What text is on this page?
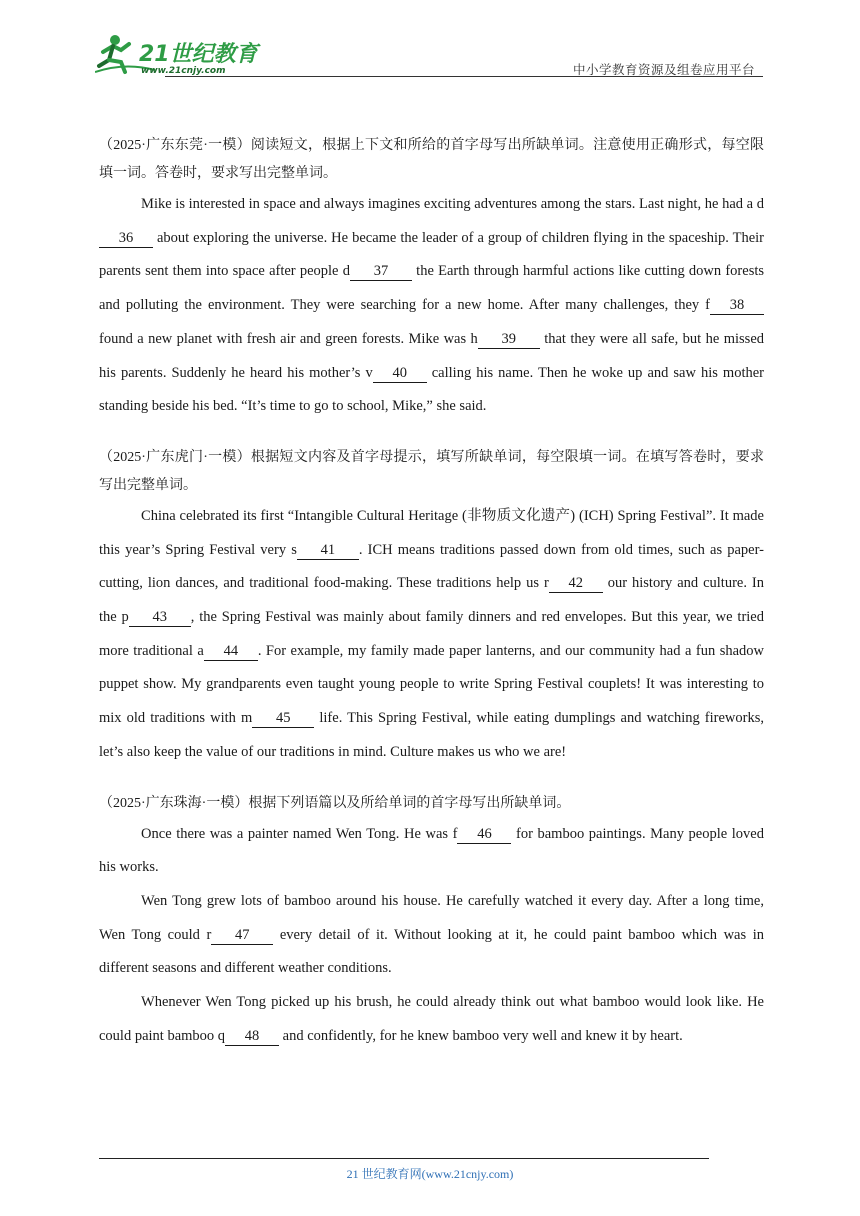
21世纪教育
www.21cnjy.com	中小学教育资源及组卷应用平台
（2025·广东东莞·一模）阅读短文，根据上下文和所给的首字母写出所缺单词。注意使用正确形式，每空限填一词。答卷时，要求写出完整单词。
Mike is interested in space and always imagines exciting adventures among the stars. Last night, he had a d36 about exploring the universe. He became the leader of a group of children flying in the spaceship. Their parents sent them into space after people d 37 the Earth through harmful actions like cutting down forests and polluting the environment. They were searching for a new home. After many challenges, they f 38 found a new planet with fresh air and green forests. Mike was h 39 that they were all safe, but he missed his parents. Suddenly he heard his mother’s v 40 calling his name. Then he woke up and saw his mother standing beside his bed. “It’s time to go to school, Mike,” she said.
（2025·广东虎门·一模）根据短文内容及首字母提示，填写所缺单词，每空限填一词。在填写答卷时，要求写出完整单词。
China celebrated its first “Intangible Cultural Heritage (非物质文化遗产) (ICH) Spring Festival”. It made this year’s Spring Festival very s 41 . ICH means traditions passed down from old times, such as paper-cutting, lion dances, and traditional food-making. These traditions help us r 42 our history and culture. In the p 43 , the Spring Festival was mainly about family dinners and red envelopes. But this year, we tried more traditional a 44 . For example, my family made paper lanterns, and our community had a fun shadow puppet show. My grandparents even taught young people to write Spring Festival couplets! It was interesting to mix old traditions with m 45 life. This Spring Festival, while eating dumplings and watching fireworks, let’s also keep the value of our traditions in mind. Culture makes us who we are!
（2025·广东珠海·一模）根据下列语篇以及所给单词的首字母写出所缺单词。
Once there was a painter named Wen Tong. He was f 46 for bamboo paintings. Many people loved his works.
Wen Tong grew lots of bamboo around his house. He carefully watched it every day. After a long time, Wen Tong could r 47 every detail of it. Without looking at it, he could paint bamboo which was in different seasons and different weather conditions.
Whenever Wen Tong picked up his brush, he could already think out what bamboo would look like. He could paint bamboo q 48 and confidently, for he knew bamboo very well and knew it by heart.
21 世纪教育网(www.21cnjy.com)
